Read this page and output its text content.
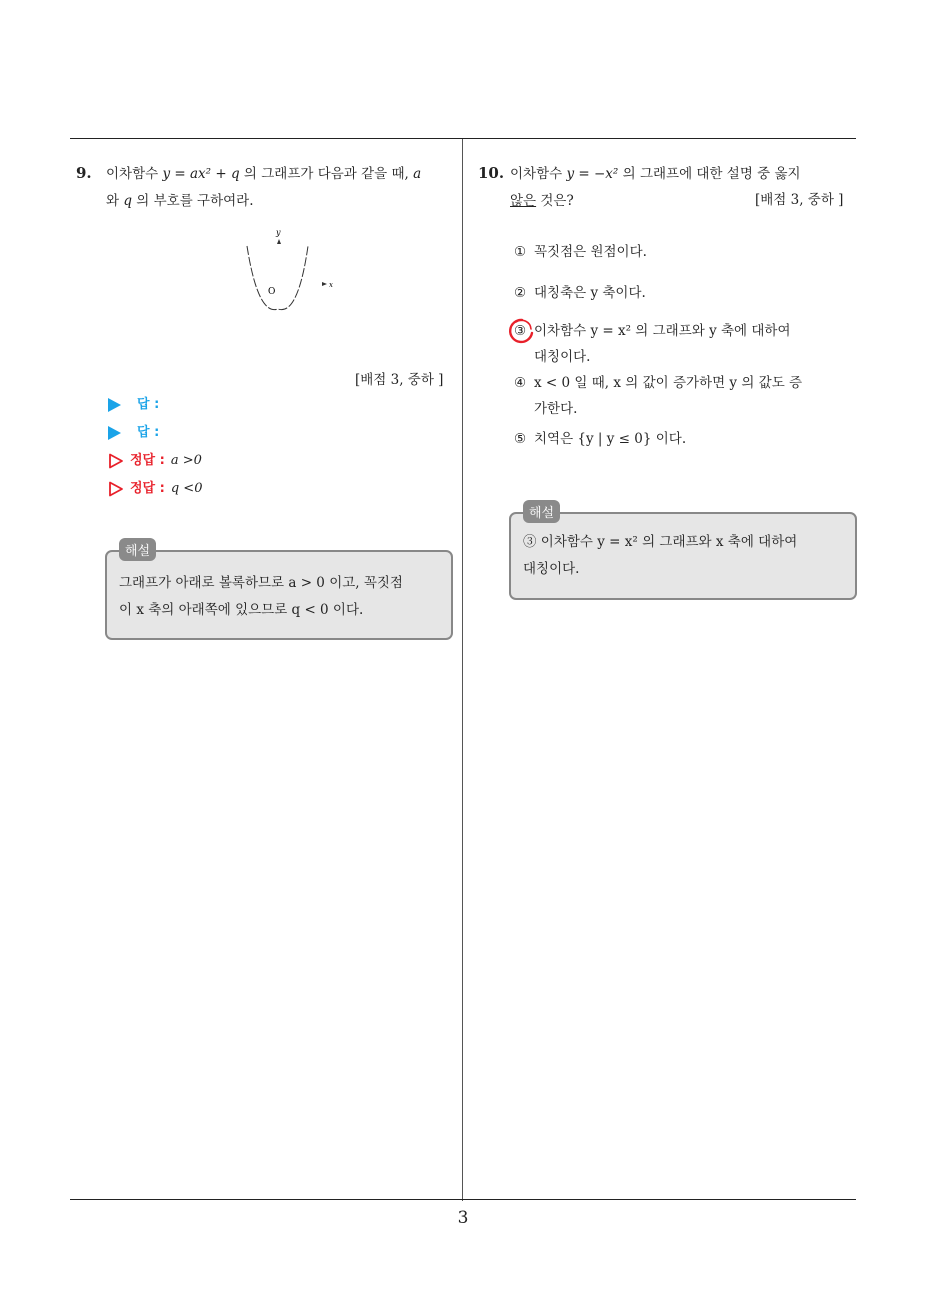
3
9. 이차함수 y = ax² + q 의 그래프가 다음과 같을 때, a
와 q 의 부호를 구하여라.
y
O
x
[배점 3, 중하 ]
답 :
답 :
정답 : a >0
정답 : q <0
그래프가 아래로 볼록하므로 a > 0 이고, 꼭짓점
이 x 축의 아래쪽에 있으므로 q < 0 이다.
해설
10. 이차함수 y = −x² 의 그래프에 대한 설명 중 옳지
않은 것은?	[배점 3, 중하 ]
① 꼭짓점은 원점이다.
② 대칭축은 y 축이다.
③ 이차함수 y = x² 의 그래프와 y 축에 대하여
대칭이다.
④ x < 0 일 때, x 의 값이 증가하면 y 의 값도 증
가한다.
⑤ 치역은 {y | y ≤ 0} 이다.
③ 이차함수 y = x² 의 그래프와 x 축에 대하여
대칭이다.
해설
